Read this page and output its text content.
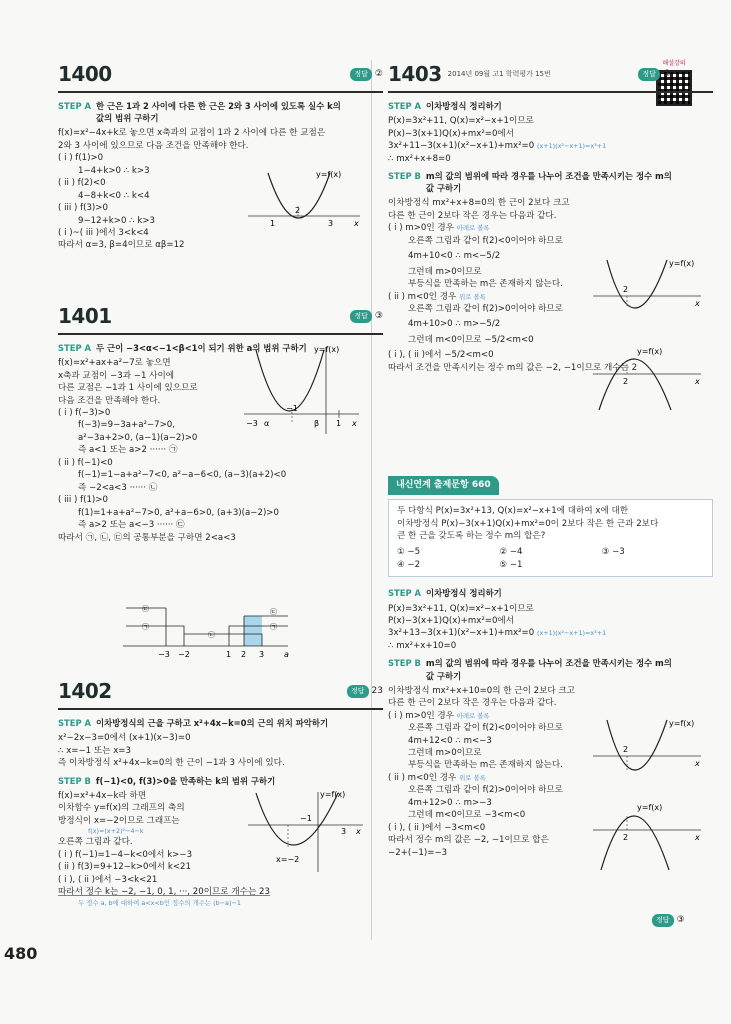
해설강의
1400	정답 ②
STEP A 한 근은 1과 2 사이에 다른 한 근은 2와 3 사이에 있도록 실수 k의
값의 범위 구하기
f(x)=x²−4x+k로 놓으면 x축과의 교점이 1과 2 사이에 다른 한 교점은
2와 3 사이에 있으므로 다음 조건을 만족해야 한다.
( i ) f(1)>0
1−4+k>0 ∴ k>3
( ii ) f(2)<0
4−8+k<0 ∴ k<4
( iii ) f(3)>0
9−12+k>0 ∴ k>3
( i )~( iii )에서 3<k<4
따라서 α=3, β=4이므로 αβ=12
y=f(x)
1
2
3	x
1401	정답 ③
STEP A 두 근이 −3<α<−1<β<1이 되기 위한 a의 범위 구하기
f(x)=x²+ax+a²−7로 놓으면
x축과 교점이 −3과 −1 사이에
다른 교점은 −1과 1 사이에 있으므로
다음 조건을 만족해야 한다.
( i ) f(−3)>0
f(−3)=9−3a+a²−7>0,
a²−3a+2>0, (a−1)(a−2)>0
즉 a<1 또는 a>2 ······ ㉠
( ii ) f(−1)<0
f(−1)=1−a+a²−7<0, a²−a−6<0, (a−3)(a+2)<0
즉 −2<a<3 ······ ㉡
( iii ) f(1)>0
f(1)=1+a+a²−7>0, a²+a−6>0, (a+3)(a−2)>0
즉 a>2 또는 a<−3 ······ ㉢
따라서 ㉠, ㉡, ㉢의 공통부분을 구하면 2<a<3
y=f(x)
−3 α
−1
β 1 x
㉢
㉠
㉡
㉢
㉠
−3 −2	1 2 3 a
1402	정답 23
STEP A 이차방정식의 근을 구하고 x²+4x−k=0의 근의 위치 파악하기
x²−2x−3=0에서 (x+1)(x−3)=0
∴ x=−1 또는 x=3
즉 이차방정식 x²+4x−k=0의 한 근이 −1과 3 사이에 있다.
STEP B f(−1)<0, f(3)>0을 만족하는 k의 범위 구하기
f(x)=x²+4x−k라 하면
이차함수 y=f(x)의 그래프의 축의
방정식이 x=−2이므로 그래프는
f(x)=(x+2)²−4−k
오른쪽 그림과 같다.
( i ) f(−1)=1−4−k<0에서 k>−3
( ii ) f(3)=9+12−k>0에서 k<21
( i ), ( ii )에서 −3<k<21
따라서 정수 k는 −2, −1, 0, 1, ···, 20이므로 개수는 23
두 정수 a, b에 대하여 a<x<b인 정수의 개수는 (b−a)−1
y=f(x)
−1
3 x
x=−2
1403 2014년 09월 고1 학력평가 15번	정답 ②
STEP A 이차방정식 정리하기
P(x)=3x²+11, Q(x)=x²−x+1이므로
P(x)−3(x+1)Q(x)+mx²=0에서
3x²+11−3(x+1)(x²−x+1)+mx²=0 (x+1)(x²−x+1)=x³+1
∴ mx²+x+8=0
STEP B m의 값의 범위에 따라 경우를 나누어 조건을 만족시키는 정수 m의
값 구하기
이차방정식 mx²+x+8=0의 한 근이 2보다 크고
다른 한 근이 2보다 작은 경우는 다음과 같다.
( i ) m>0인 경우 아래로 볼록
오른쪽 그림과 같이 f(2)<0이어야 하므로
4m+10<0 ∴ m<−5/2
그런데 m>0이므로
부등식을 만족하는 m은 존재하지 않는다.
( ii ) m<0인 경우 위로 볼록
오른쪽 그림과 같이 f(2)>0이어야 하므로
4m+10>0 ∴ m>−5/2
그런데 m<0이므로 −5/2<m<0
( i ), ( ii )에서 −5/2<m<0
따라서 조건을 만족시키는 정수 m의 값은 −2, −1이므로 개수는 2
y=f(x)
2
x
y=f(x)
2	x
내신연계 출제문항 660
두 다항식 P(x)=3x²+13, Q(x)=x²−x+1에 대하여 x에 대한
이차방정식 P(x)−3(x+1)Q(x)+mx²=0이 2보다 작은 한 근과 2보다
큰 한 근을 갖도록 하는 정수 m의 합은?
① −5	② −4	③ −3
④ −2	⑤ −1
STEP A 이차방정식 정리하기
P(x)=3x²+11, Q(x)=x²−x+1이므로
P(x)−3(x+1)Q(x)+mx²=0에서
3x²+13−3(x+1)(x²−x+1)+mx²=0 (x+1)(x²−x+1)=x³+1
∴ mx²+x+10=0
STEP B m의 값의 범위에 따라 경우를 나누어 조건을 만족시키는 정수 m의
값 구하기
이차방정식 mx²+x+10=0의 한 근이 2보다 크고
다른 한 근이 2보다 작은 경우는 다음과 같다.
( i ) m>0인 경우 아래로 볼록
오른쪽 그림과 같이 f(2)<0이어야 하므로
4m+12<0 ∴ m<−3
그런데 m>0이므로
부등식을 만족하는 m은 존재하지 않는다.
( ii ) m<0인 경우 위로 볼록
오른쪽 그림과 같이 f(2)>0이어야 하므로
4m+12>0 ∴ m>−3
그런데 m<0이므로 −3<m<0
( i ), ( ii )에서 −3<m<0
따라서 정수 m의 값은 −2, −1이므로 합은
−2+(−1)=−3
y=f(x)
2
x
y=f(x)
2	x
정답 ③
480
